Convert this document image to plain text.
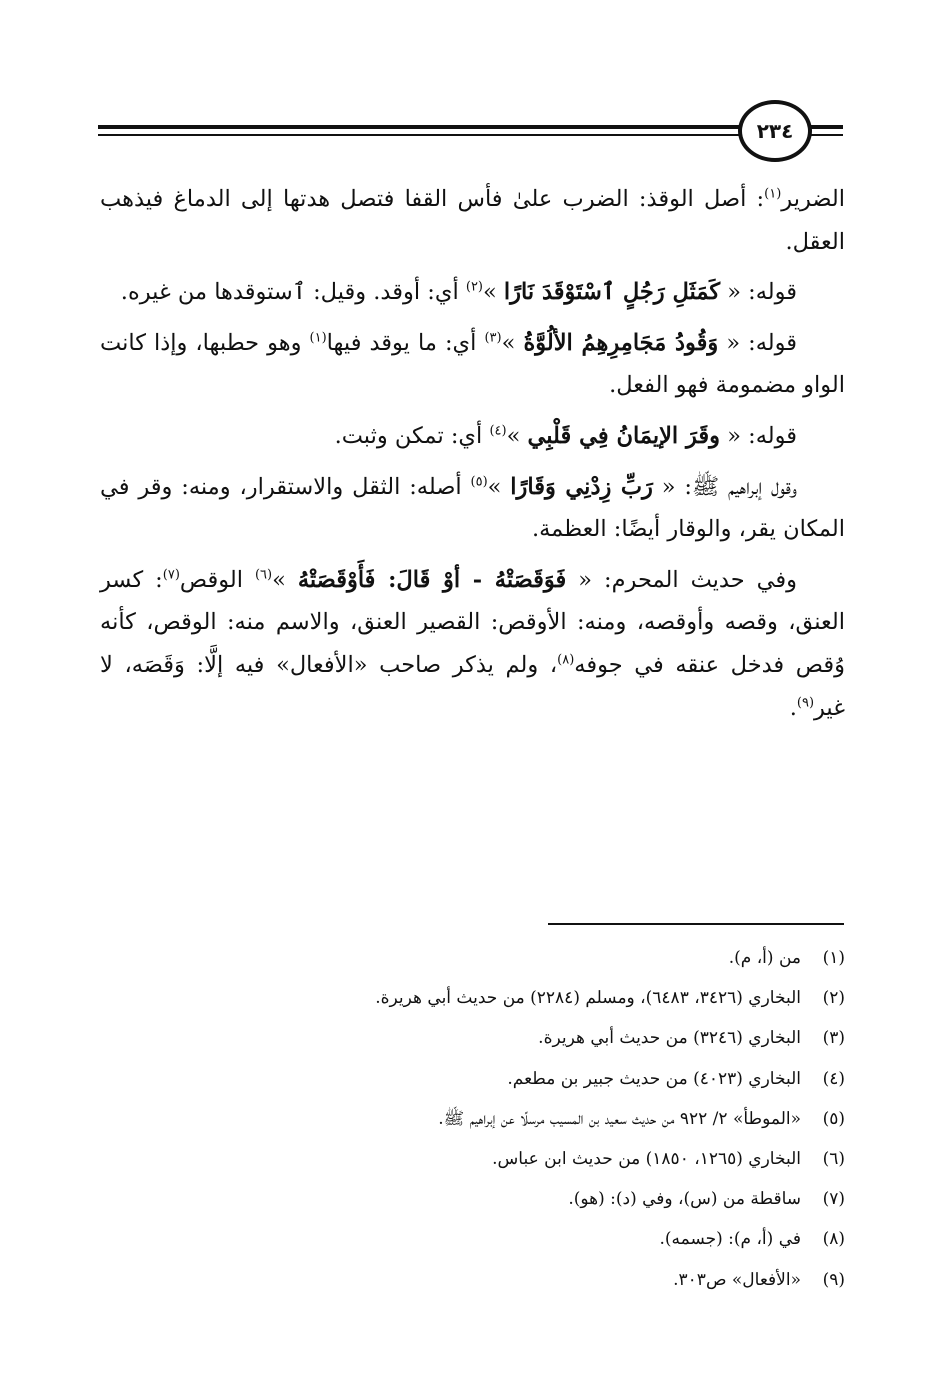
٢٣٤

الضرير$^{(١)}$: أصل الوقذ: الضرب علىٰ فأس القفا فتصل هدتها إلى الدماغ فيذهب العقل.

قوله: « كَمَثَلِ رَجُلٍ ٱسْتَوْقَدَ نَارًا »$^{(٢)}$ أي: أوقد. وقيل: ٱستوقدها من غيره.

قوله: « وَقُودُ مَجَامِرِهِمُ الألُوَّةُ »$^{(٣)}$ أي: ما يوقد فيها$^{(١)}$ وهو حطبها، وإذا كانت الواو مضمومة فهو الفعل.

قوله: « وقَرَ الإيمَانُ فِي قَلْبِي »$^{(٤)}$ أي: تمكن وثبت.

وقول إبراهيم ﷺ: « رَبِّ زِدْنِي وَقَارًا »$^{(٥)}$ أصله: الثقل والاستقرار، ومنه: وقر في المكان يقر، والوقار أيضًا: العظمة.

وفي حديث المحرم: « فَوَقَصَتْهُ - أوْ قَالَ: فَأَوْقَصَتْهُ »$^{(٦)}$ الوقص$^{(٧)}$: كسر العنق، وقصه وأوقصه، ومنه: الأوقص: القصير العنق، والاسم منه: الوقص، كأنه وُقص فدخل عنقه في جوفه$^{(٨)}$، ولم يذكر صاحب «الأفعال» فيه إلَّا: وَقَصَه، لا غير$^{(٩)}$.

(١)من (أ، م).
(٢)البخاري (٣٤٢٦، ٦٤٨٣)، ومسلم (٢٢٨٤) من حديث أبي هريرة.
(٣)البخاري (٣٢٤٦) من حديث أبي هريرة.
(٤)البخاري (٤٠٢٣) من حديث جبير بن مطعم.
(٥)«الموطأ» ٢/ ٩٢٢ من حديث سعيد بن المسيب مرسلًا عن إبراهيم ﷺ.
(٦)البخاري (١٢٦٥، ١٨٥٠) من حديث ابن عباس.
(٧)ساقطة من (س)، وفي (د): (هو).
(٨)في (أ، م): (جسمه).
(٩)«الأفعال» ص٣٠٣.
